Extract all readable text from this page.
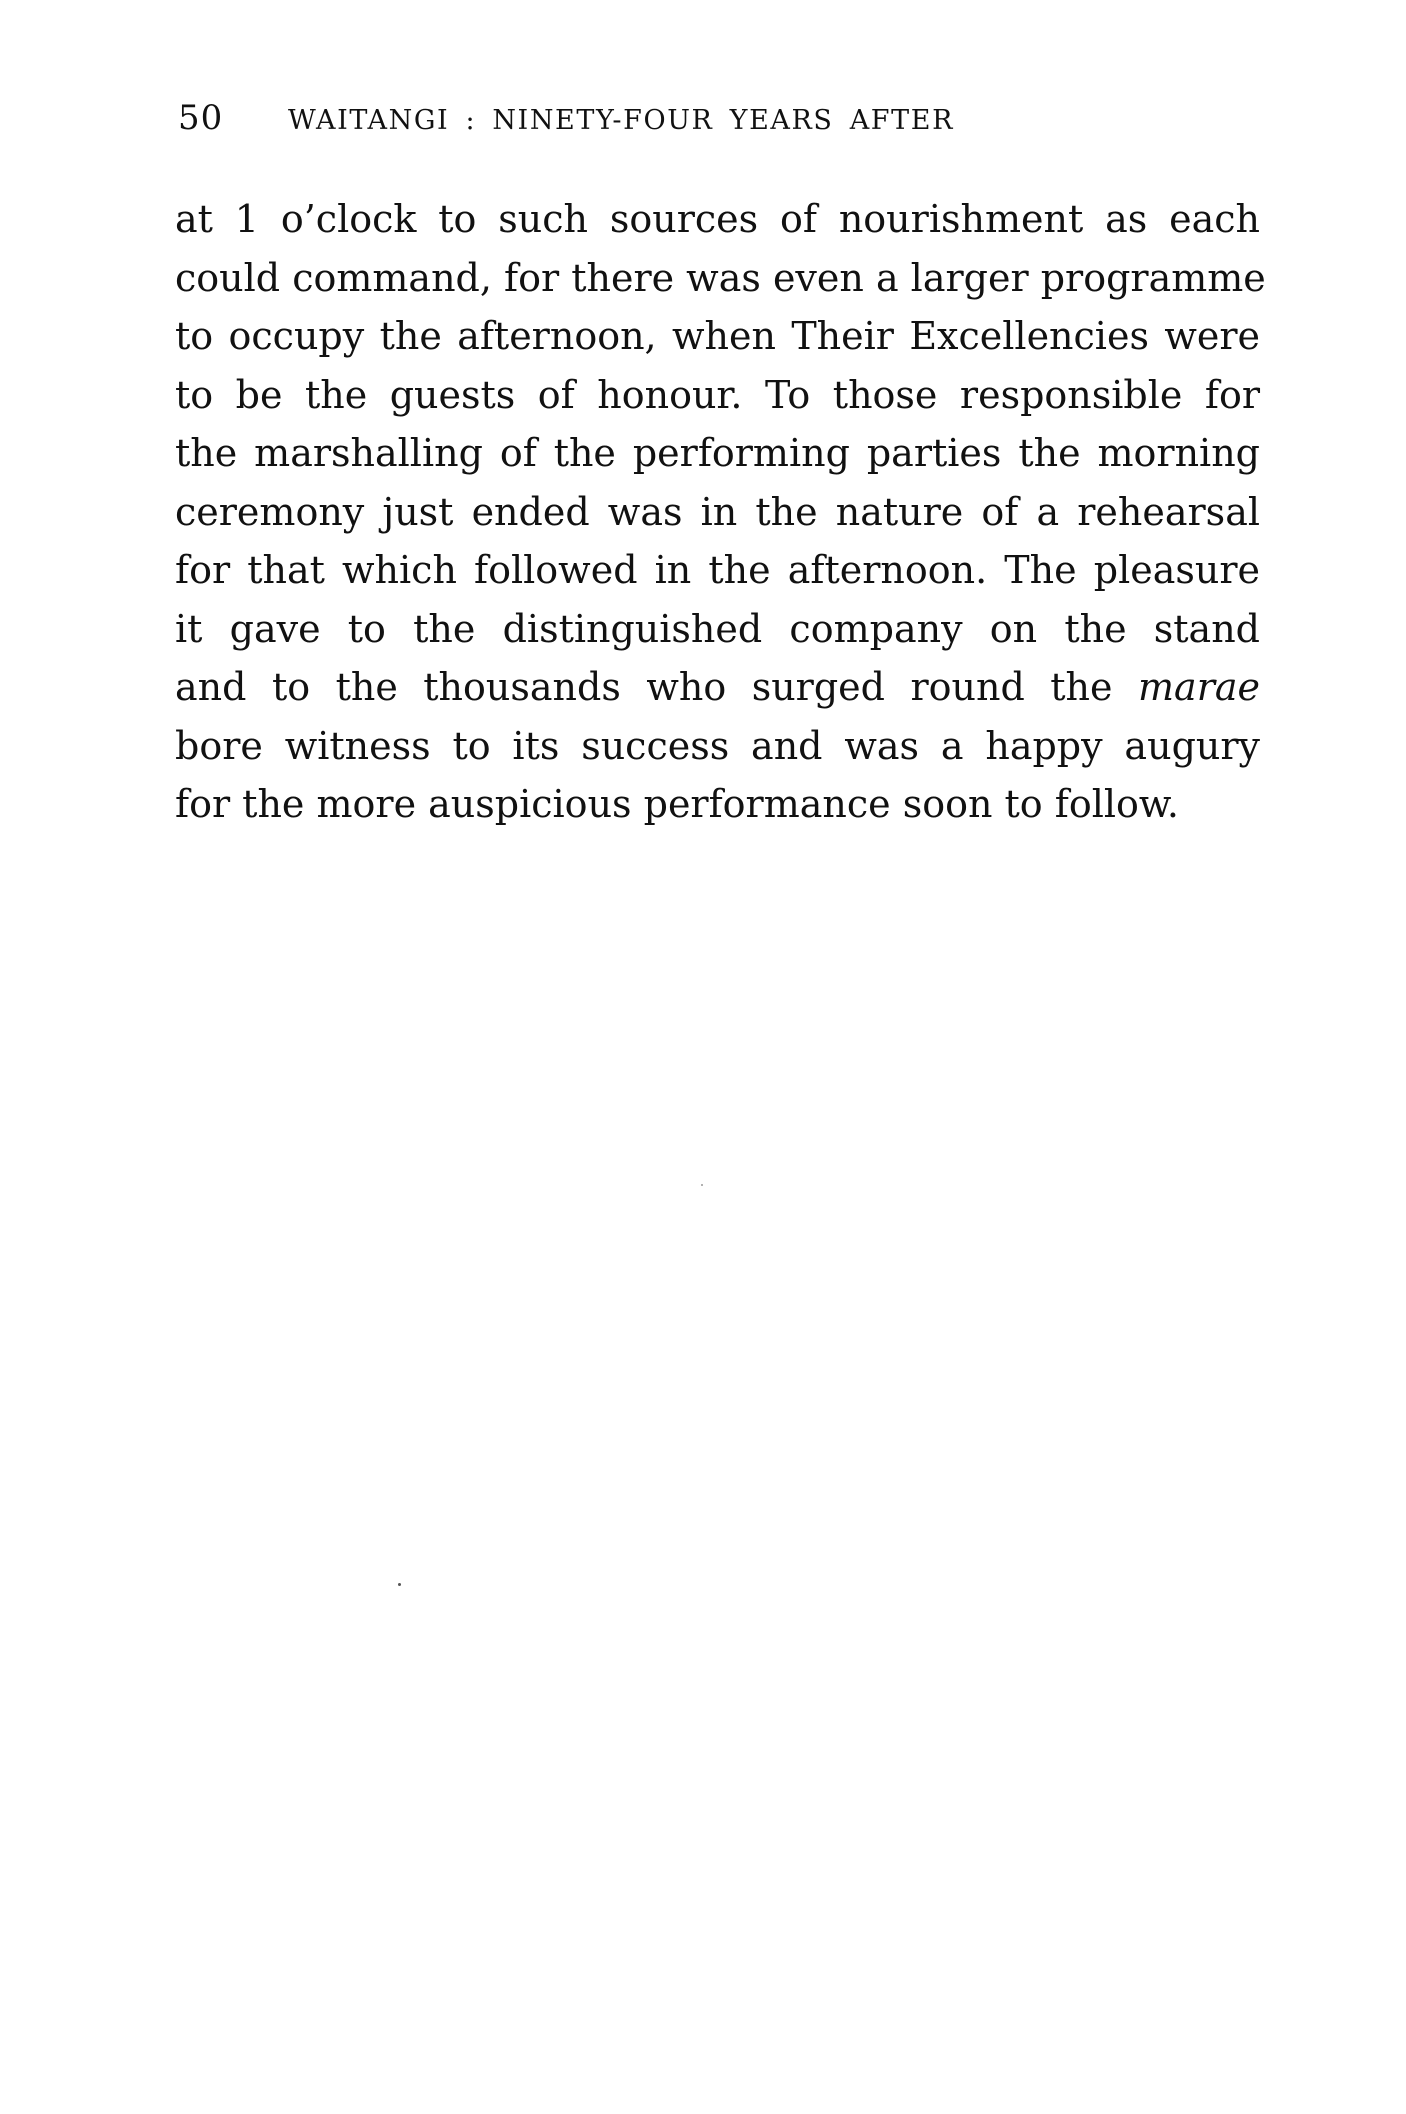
50	WAITANGI : NINETY-FOUR YEARS AFTER
at 1 o’clock to such sources of nourishment as each
could command, for there was even a larger programme
to occupy the afternoon, when Their Excellencies were
to be the guests of honour. To those responsible for
the marshalling of the performing parties the morning
ceremony just ended was in the nature of a rehearsal
for that which followed in the afternoon. The pleasure
it gave to the distinguished company on the stand
and to the thousands who surged round the marae
bore witness to its success and was a happy augury
for the more auspicious performance soon to follow.
